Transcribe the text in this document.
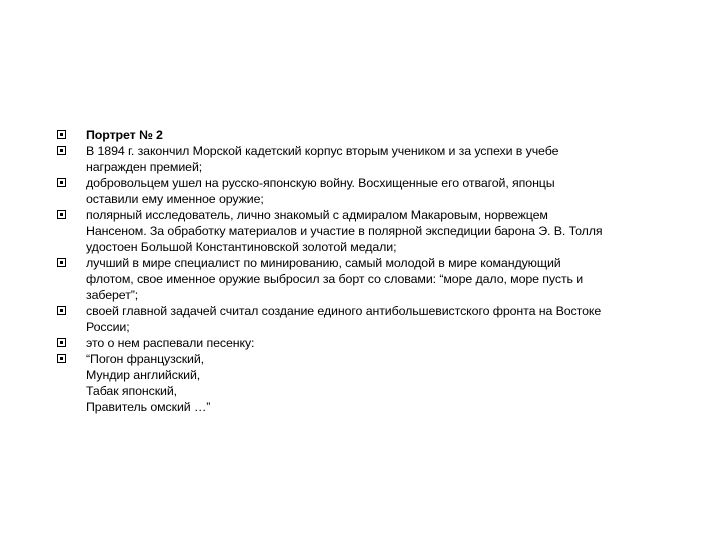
Портрет № 2
В 1894 г. закончил Морской кадетский корпус вторым учеником и за успехи в учебе
награжден премией;
добровольцем ушел на русско-японскую войну. Восхищенные его отвагой, японцы
оставили ему именное оружие;
полярный исследователь, лично знакомый с адмиралом Макаровым, норвежцем
Нансеном. За обработку материалов и участие в полярной экспедиции барона Э. В. Толля
удостоен Большой Константиновской золотой медали;
лучший в мире специалист по минированию, самый молодой в мире командующий
флотом, свое именное оружие выбросил за борт со словами: “море дало, море пусть и
заберет”;
своей главной задачей считал создание единого антибольшевистского фронта на Востоке
России;
это о нем распевали песенку:
“Погон французский,
Мундир английский,
Табак японский,
Правитель омский …”
